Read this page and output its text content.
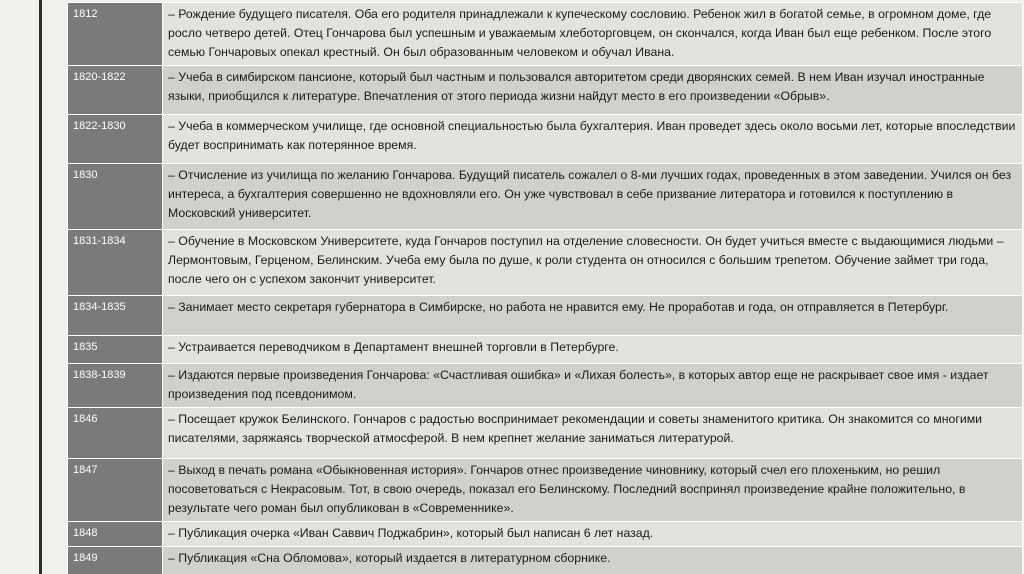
1812	– Рождение будущего писателя. Оба его родителя принадлежали к купеческому сословию. Ребенок жил в богатой семье, в огромном доме, где росло четверо детей. Отец Гончарова был успешным и уважаемым хлеботорговцем, он скончался, когда Иван был еще ребенком. После этого семью Гончаровых опекал крестный. Он был образованным человеком и обучал Ивана.
1820-1822	– Учеба в симбирском пансионе, который был частным и пользовался авторитетом среди дворянских семей. В нем Иван изучал иностранные языки, приобщился к литературе. Впечатления от этого периода жизни найдут место в его произведении «Обрыв».
1822-1830	– Учеба в коммерческом училище, где основной специальностью была бухгалтерия. Иван проведет здесь около восьми лет, которые впоследствии будет воспринимать как потерянное время.
1830	– Отчисление из училища по желанию Гончарова. Будущий писатель сожалел о 8-ми лучших годах, проведенных в этом заведении. Учился он без интереса, а бухгалтерия совершенно не вдохновляли его. Он уже чувствовал в себе призвание литератора и готовился к поступлению в Московский университет.
1831-1834	– Обучение в Московском Университете, куда Гончаров поступил на отделение словесности. Он будет учиться вместе с выдающимися людьми – Лермонтовым, Герценом, Белинским. Учеба ему была по душе, к роли студента он относился с большим трепетом. Обучение займет три года, после чего он с успехом закончит университет.
1834-1835	– Занимает место секретаря губернатора в Симбирске, но работа не нравится ему. Не проработав и года, он отправляется в Петербург.
1835	– Устраивается переводчиком в Департамент внешней торговли в Петербурге.
1838-1839	– Издаются первые произведения Гончарова: «Счастливая ошибка» и «Лихая болесть», в которых автор еще не раскрывает свое имя - издает произведения под псевдонимом.
1846	– Посещает кружок Белинского. Гончаров с радостью воспринимает рекомендации и советы знаменитого критика. Он знакомится со многими писателями, заряжаясь творческой атмосферой. В нем крепнет желание заниматься литературой.
1847	– Выход в печать романа «Обыкновенная история». Гончаров отнес произведение чиновнику, который счел его плохеньким, но решил посоветоваться с Некрасовым. Тот, в свою очередь, показал его Белинскому. Последний воспринял произведение крайне положительно, в результате чего роман был опубликован в «Современнике».
1848	– Публикация очерка «Иван Саввич Поджабрин», который был написан 6 лет назад.
1849	– Публикация «Сна Обломова», который издается в литературном сборнике.
